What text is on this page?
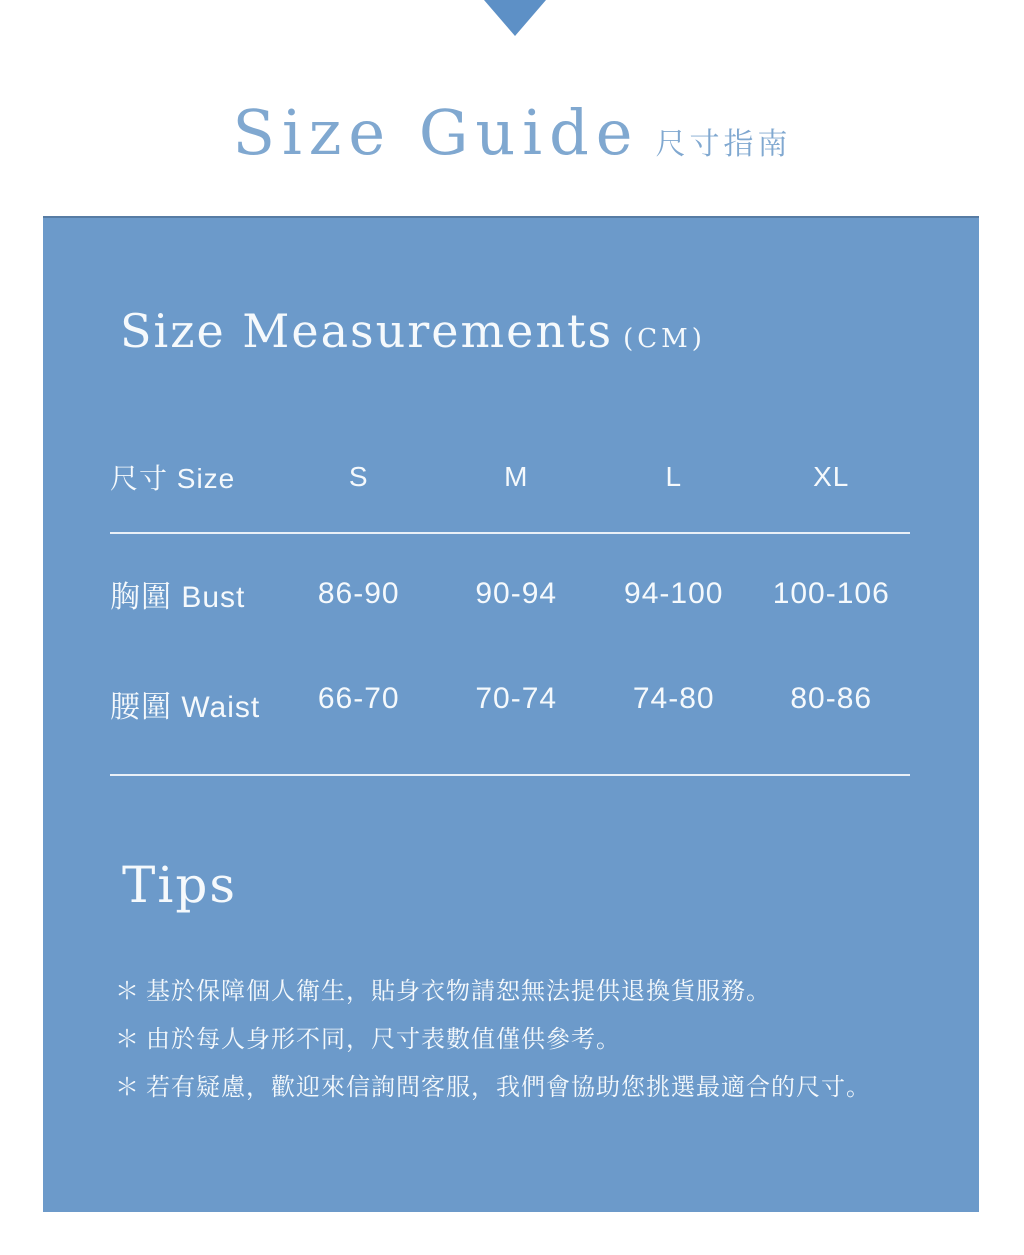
Size Guide 尺寸指南
Size Measurements (CM)
尺寸 Size	S	M	L	XL
胸圍 Bust	86-90	90-94	94-100	100-106
腰圍 Waist	66-70	70-74	74-80	80-86
Tips
＊ 基於保障個人衛生，貼身衣物請恕無法提供退換貨服務。
＊ 由於每人身形不同，尺寸表數值僅供參考。
＊ 若有疑慮，歡迎來信詢問客服，我們會協助您挑選最適合的尺寸。
